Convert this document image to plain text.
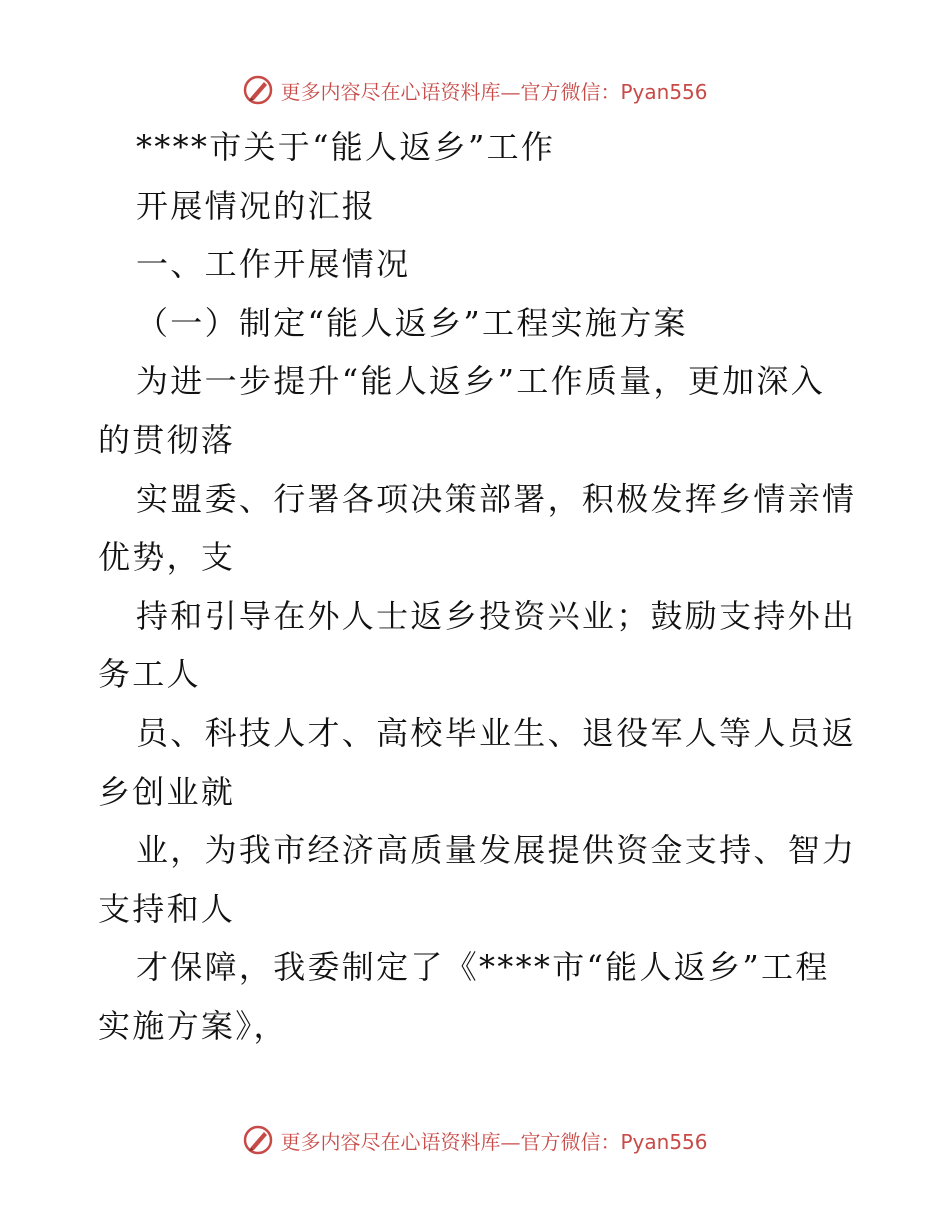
更多内容尽在心语资料库—官方微信：Pyan556
****市关于“能人返乡”工作
开展情况的汇报
一、工作开展情况
（一）制定“能人返乡”工程实施方案
为进一步提升“能人返乡”工作质量，更加深入
的贯彻落
实盟委、行署各项决策部署，积极发挥乡情亲情
优势，支
持和引导在外人士返乡投资兴业；鼓励支持外出
务工人
员、科技人才、高校毕业生、退役军人等人员返
乡创业就
业，为我市经济高质量发展提供资金支持、智力
支持和人
才保障，我委制定了《****市“能人返乡”工程
实施方案》，
更多内容尽在心语资料库—官方微信：Pyan556
